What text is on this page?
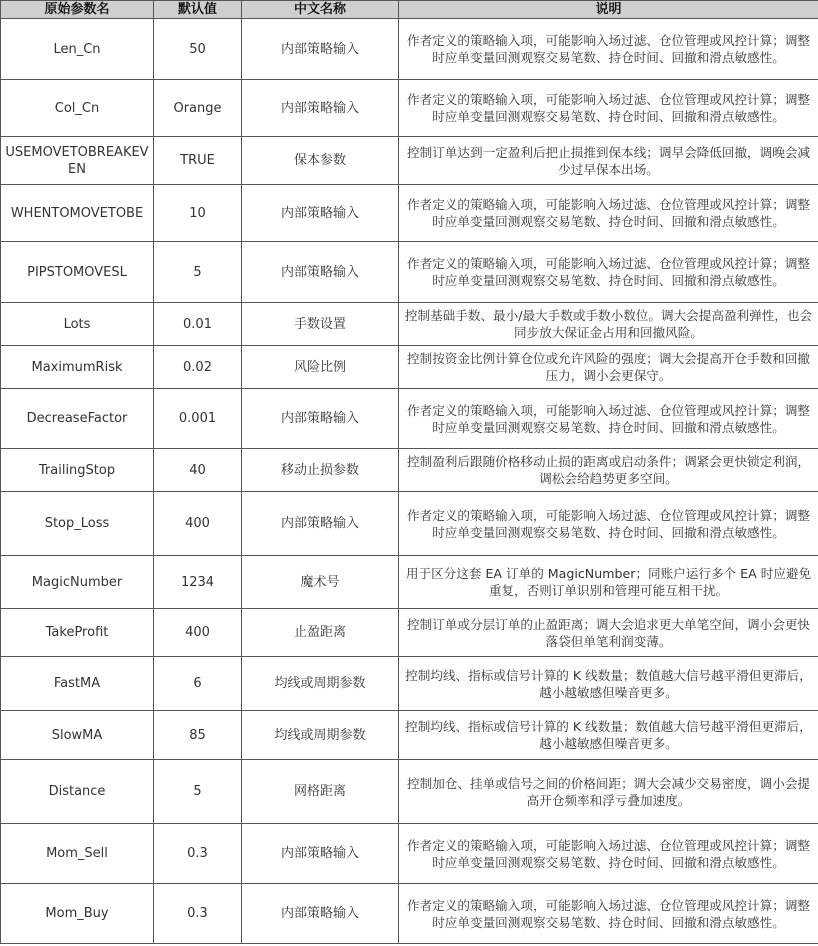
原始参数名	默认值	中文名称	说明
Len_Cn	50	内部策略输入	作者定义的策略输入项，可能影响入场过滤、仓位管理或风控计算；调整时应单变量回测观察交易笔数、持仓时间、回撤和滑点敏感性。
Col_Cn	Orange	内部策略输入	作者定义的策略输入项，可能影响入场过滤、仓位管理或风控计算；调整时应单变量回测观察交易笔数、持仓时间、回撤和滑点敏感性。
USEMOVETOBREAKEVEN	TRUE	保本参数	控制订单达到一定盈利后把止损推到保本线；调早会降低回撤，调晚会减少过早保本出场。
WHENTOMOVETOBE	10	内部策略输入	作者定义的策略输入项，可能影响入场过滤、仓位管理或风控计算；调整时应单变量回测观察交易笔数、持仓时间、回撤和滑点敏感性。
PIPSTOMOVESL	5	内部策略输入	作者定义的策略输入项，可能影响入场过滤、仓位管理或风控计算；调整时应单变量回测观察交易笔数、持仓时间、回撤和滑点敏感性。
Lots	0.01	手数设置	控制基础手数、最小/最大手数或手数小数位。调大会提高盈利弹性，也会同步放大保证金占用和回撤风险。
MaximumRisk	0.02	风险比例	控制按资金比例计算仓位或允许风险的强度；调大会提高开仓手数和回撤压力，调小会更保守。
DecreaseFactor	0.001	内部策略输入	作者定义的策略输入项，可能影响入场过滤、仓位管理或风控计算；调整时应单变量回测观察交易笔数、持仓时间、回撤和滑点敏感性。
TrailingStop	40	移动止损参数	控制盈利后跟随价格移动止损的距离或启动条件；调紧会更快锁定利润，调松会给趋势更多空间。
Stop_Loss	400	内部策略输入	作者定义的策略输入项，可能影响入场过滤、仓位管理或风控计算；调整时应单变量回测观察交易笔数、持仓时间、回撤和滑点敏感性。
MagicNumber	1234	魔术号	用于区分这套 EA 订单的 MagicNumber；同账户运行多个 EA 时应避免重复，否则订单识别和管理可能互相干扰。
TakeProfit	400	止盈距离	控制订单或分层订单的止盈距离；调大会追求更大单笔空间，调小会更快落袋但单笔利润变薄。
FastMA	6	均线或周期参数	控制均线、指标或信号计算的 K 线数量；数值越大信号越平滑但更滞后，越小越敏感但噪音更多。
SlowMA	85	均线或周期参数	控制均线、指标或信号计算的 K 线数量；数值越大信号越平滑但更滞后，越小越敏感但噪音更多。
Distance	5	网格距离	控制加仓、挂单或信号之间的价格间距；调大会减少交易密度，调小会提高开仓频率和浮亏叠加速度。
Mom_Sell	0.3	内部策略输入	作者定义的策略输入项，可能影响入场过滤、仓位管理或风控计算；调整时应单变量回测观察交易笔数、持仓时间、回撤和滑点敏感性。
Mom_Buy	0.3	内部策略输入	作者定义的策略输入项，可能影响入场过滤、仓位管理或风控计算；调整时应单变量回测观察交易笔数、持仓时间、回撤和滑点敏感性。
